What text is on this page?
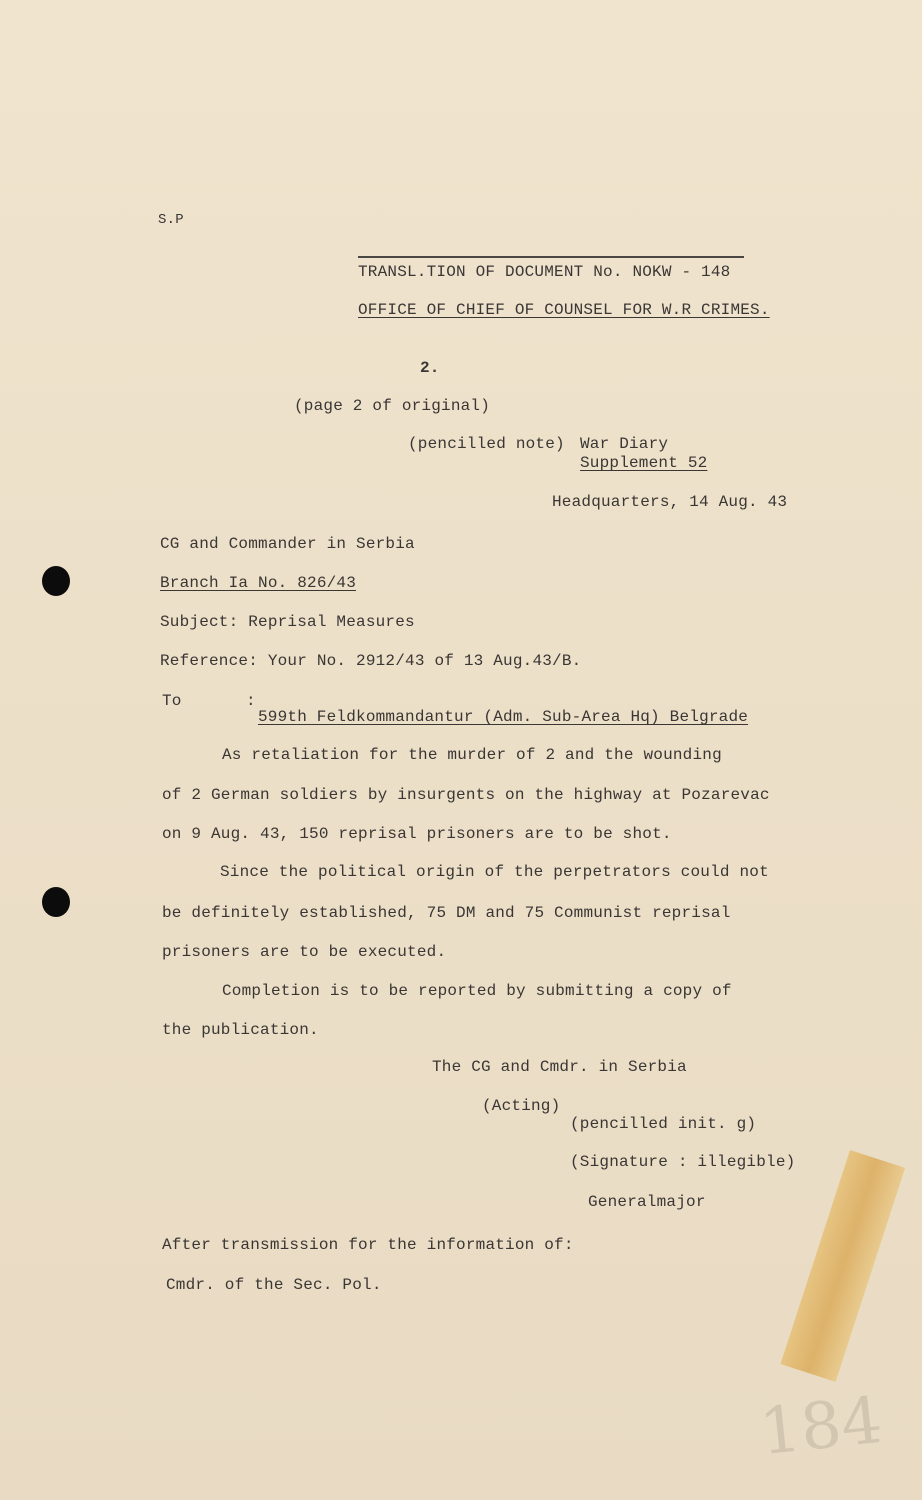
S.P
TRANSL.TION OF DOCUMENT No. NOKW - 148
OFFICE OF CHIEF OF COUNSEL FOR W.R CRIMES.
2.
(page 2 of original)
(pencilled note) War Diary
Supplement 52
Headquarters, 14 Aug. 43
CG and Commander in Serbia
Branch Ia No. 826/43
Subject: Reprisal Measures
Reference: Your No. 2912/43 of 13 Aug.43/B.
To	:
599th Feldkommandantur (Adm. Sub-Area Hq) Belgrade
As retaliation for the murder of 2 and the wounding
of 2 German soldiers by insurgents on the highway at Pozarevac
on 9 Aug. 43, 150 reprisal prisoners are to be shot.
Since the political origin of the perpetrators could not
be definitely established, 75 DM and 75 Communist reprisal
prisoners are to be executed.
Completion is to be reported by submitting a copy of
the publication.
The CG and Cmdr. in Serbia
(Acting)
(pencilled init. g)
(Signature : illegible)
Generalmajor
After transmission for the information of:
Cmdr. of the Sec. Pol.
184
